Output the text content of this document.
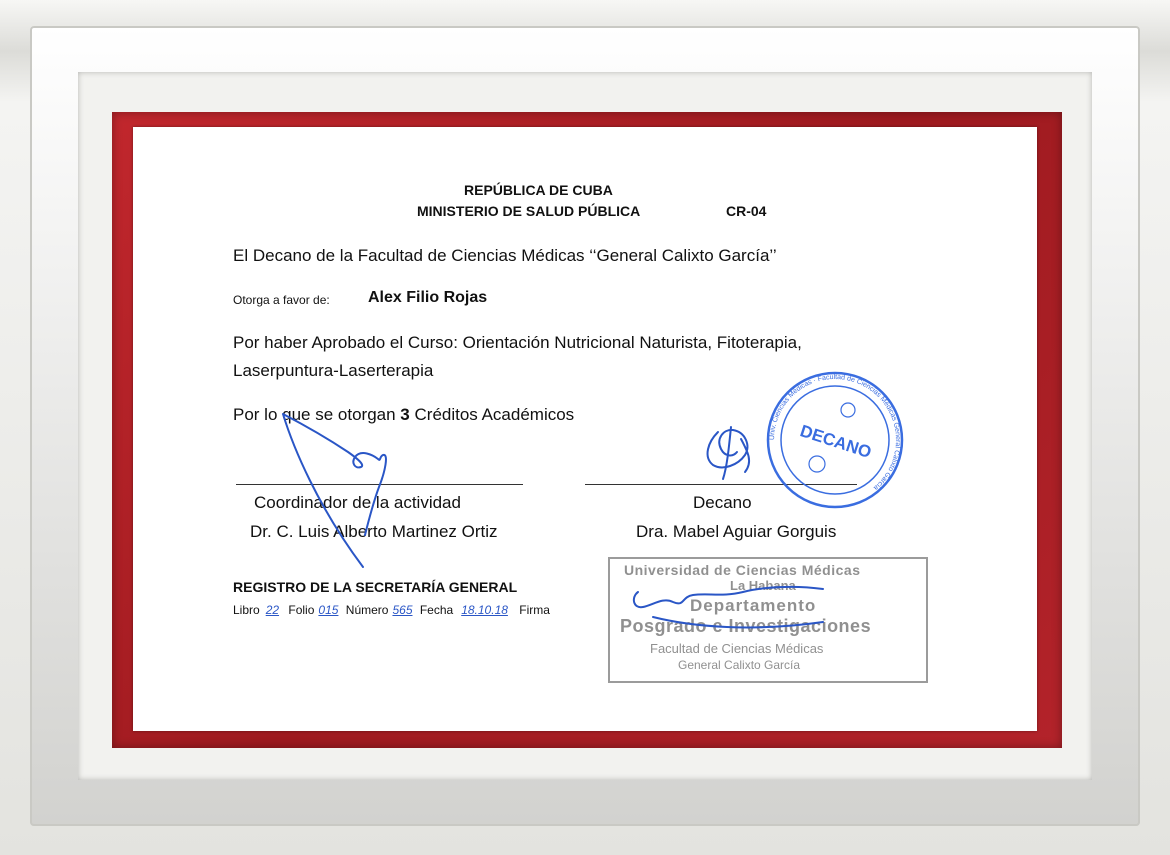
REPÚBLICA DE CUBA
MINISTERIO DE SALUD PÚBLICA	CR-04
El Decano de la Facultad de Ciencias Médicas ‘‘General Calixto García’’
Otorga a favor de: Alex Filio Rojas
Por haber Aprobado el Curso: Orientación Nutricional Naturista, Fitoterapia,
Laserpuntura-Laserterapia
Por lo que se otorgan 3 Créditos Académicos
Coordinador de la actividad
Dr. C. Luis Alberto Martinez Ortiz
Decano
Dra. Mabel Aguiar Gorguis
REGISTRO DE LA SECRETARÍA GENERAL
Libro 22 Folio 015 Número 565 Fecha 18.10.18 Firma
Univ. Ciencias Médicas · Facultad de Ciencias Médicas General Calixto García
DECANO
Universidad de Ciencias Médicas
La Habana
Departamento
Posgrado e Investigaciones
Facultad de Ciencias Médicas
General Calixto García
